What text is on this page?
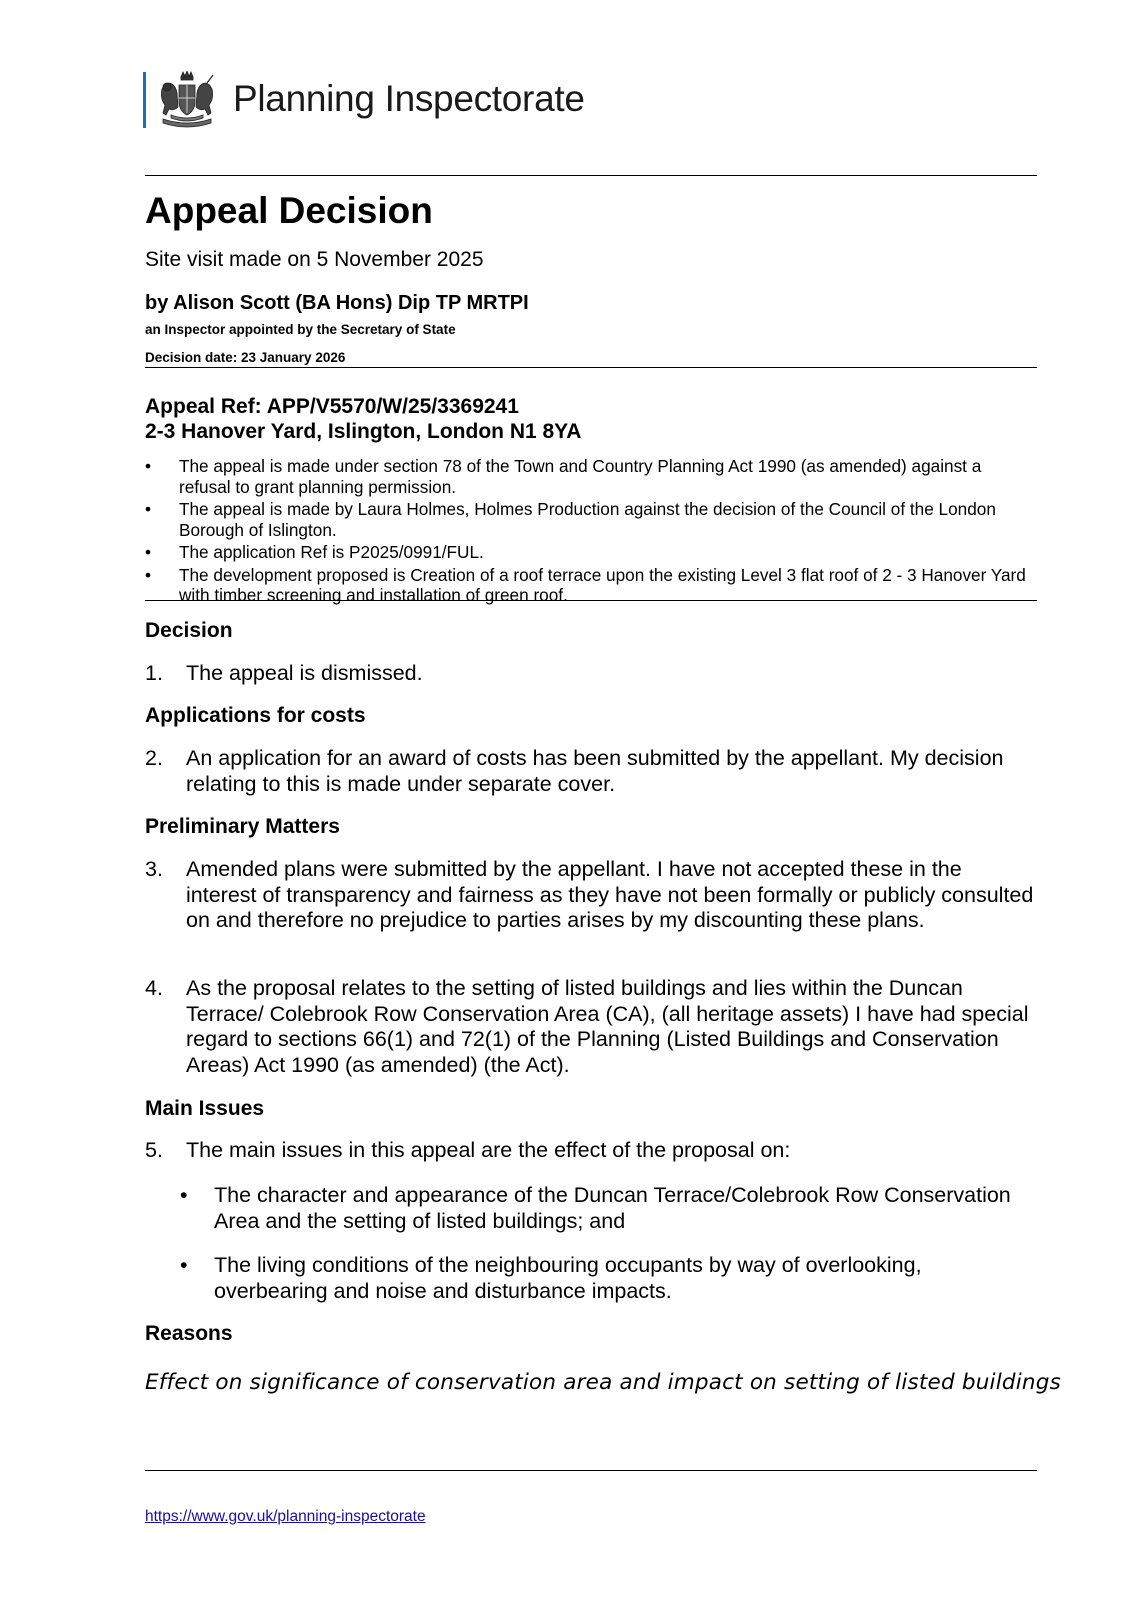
Planning Inspectorate
Appeal Decision
Site visit made on 5 November 2025
by Alison Scott (BA Hons) Dip TP MRTPI
an Inspector appointed by the Secretary of State
Decision date: 23 January 2026
Appeal Ref: APP/V5570/W/25/3369241
2-3 Hanover Yard, Islington, London N1 8YA
• The appeal is made under section 78 of the Town and Country Planning Act 1990 (as amended) against a refusal to grant planning permission.
• The appeal is made by Laura Holmes, Holmes Production against the decision of the Council of the London Borough of Islington.
• The application Ref is P2025/0991/FUL.
• The development proposed is Creation of a roof terrace upon the existing Level 3 flat roof of 2 - 3 Hanover Yard with timber screening and installation of green roof.
Decision
1. The appeal is dismissed.
Applications for costs
2. An application for an award of costs has been submitted by the appellant. My decision relating to this is made under separate cover.
Preliminary Matters
3. Amended plans were submitted by the appellant. I have not accepted these in the interest of transparency and fairness as they have not been formally or publicly consulted on and therefore no prejudice to parties arises by my discounting these plans.
4. As the proposal relates to the setting of listed buildings and lies within the Duncan Terrace/ Colebrook Row Conservation Area (CA), (all heritage assets) I have had special regard to sections 66(1) and 72(1) of the Planning (Listed Buildings and Conservation Areas) Act 1990 (as amended) (the Act).
Main Issues
5. The main issues in this appeal are the effect of the proposal on:
• The character and appearance of the Duncan Terrace/Colebrook Row Conservation Area and the setting of listed buildings; and
• The living conditions of the neighbouring occupants by way of overlooking, overbearing and noise and disturbance impacts.
Reasons
Effect on significance of conservation area and impact on setting of listed buildings
https://www.gov.uk/planning-inspectorate
